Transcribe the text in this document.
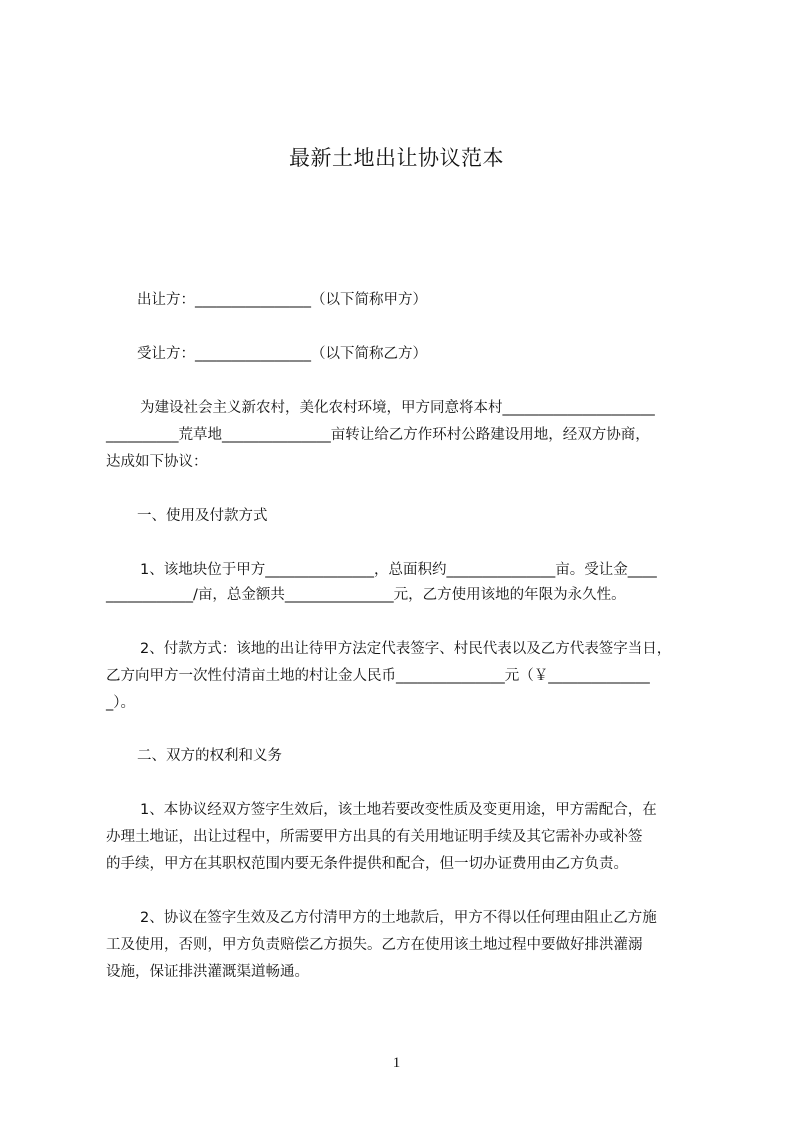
最新土地出让协议范本
出让方：________________（以下简称甲方）
受让方：________________（以下简称乙方）
为建设社会主义新农村，美化农村环境，甲方同意将本村_____________________
__________荒草地_______________亩转让给乙方作环村公路建设用地，经双方协商，
达成如下协议：
一、使用及付款方式
1、该地块位于甲方_______________，总面积约_______________亩。受让金____
____________/亩，总金额共_______________元，乙方使用该地的年限为永久性。
2、付款方式：该地的出让待甲方法定代表签字、村民代表以及乙方代表签字当日，
乙方向甲方一次性付清亩土地的村让金人民币_______________元（￥______________
_）。
二、双方的权利和义务
1、本协议经双方签字生效后，该土地若要改变性质及变更用途，甲方需配合，在
办理土地证，出让过程中，所需要甲方出具的有关用地证明手续及其它需补办或补签
的手续，甲方在其职权范围内要无条件提供和配合，但一切办证费用由乙方负责。
2、协议在签字生效及乙方付清甲方的土地款后，甲方不得以任何理由阻止乙方施
工及使用，否则，甲方负责赔偿乙方损失。乙方在使用该土地过程中要做好排洪灌溺
设施，保证排洪灌溉渠道畅通。
1
